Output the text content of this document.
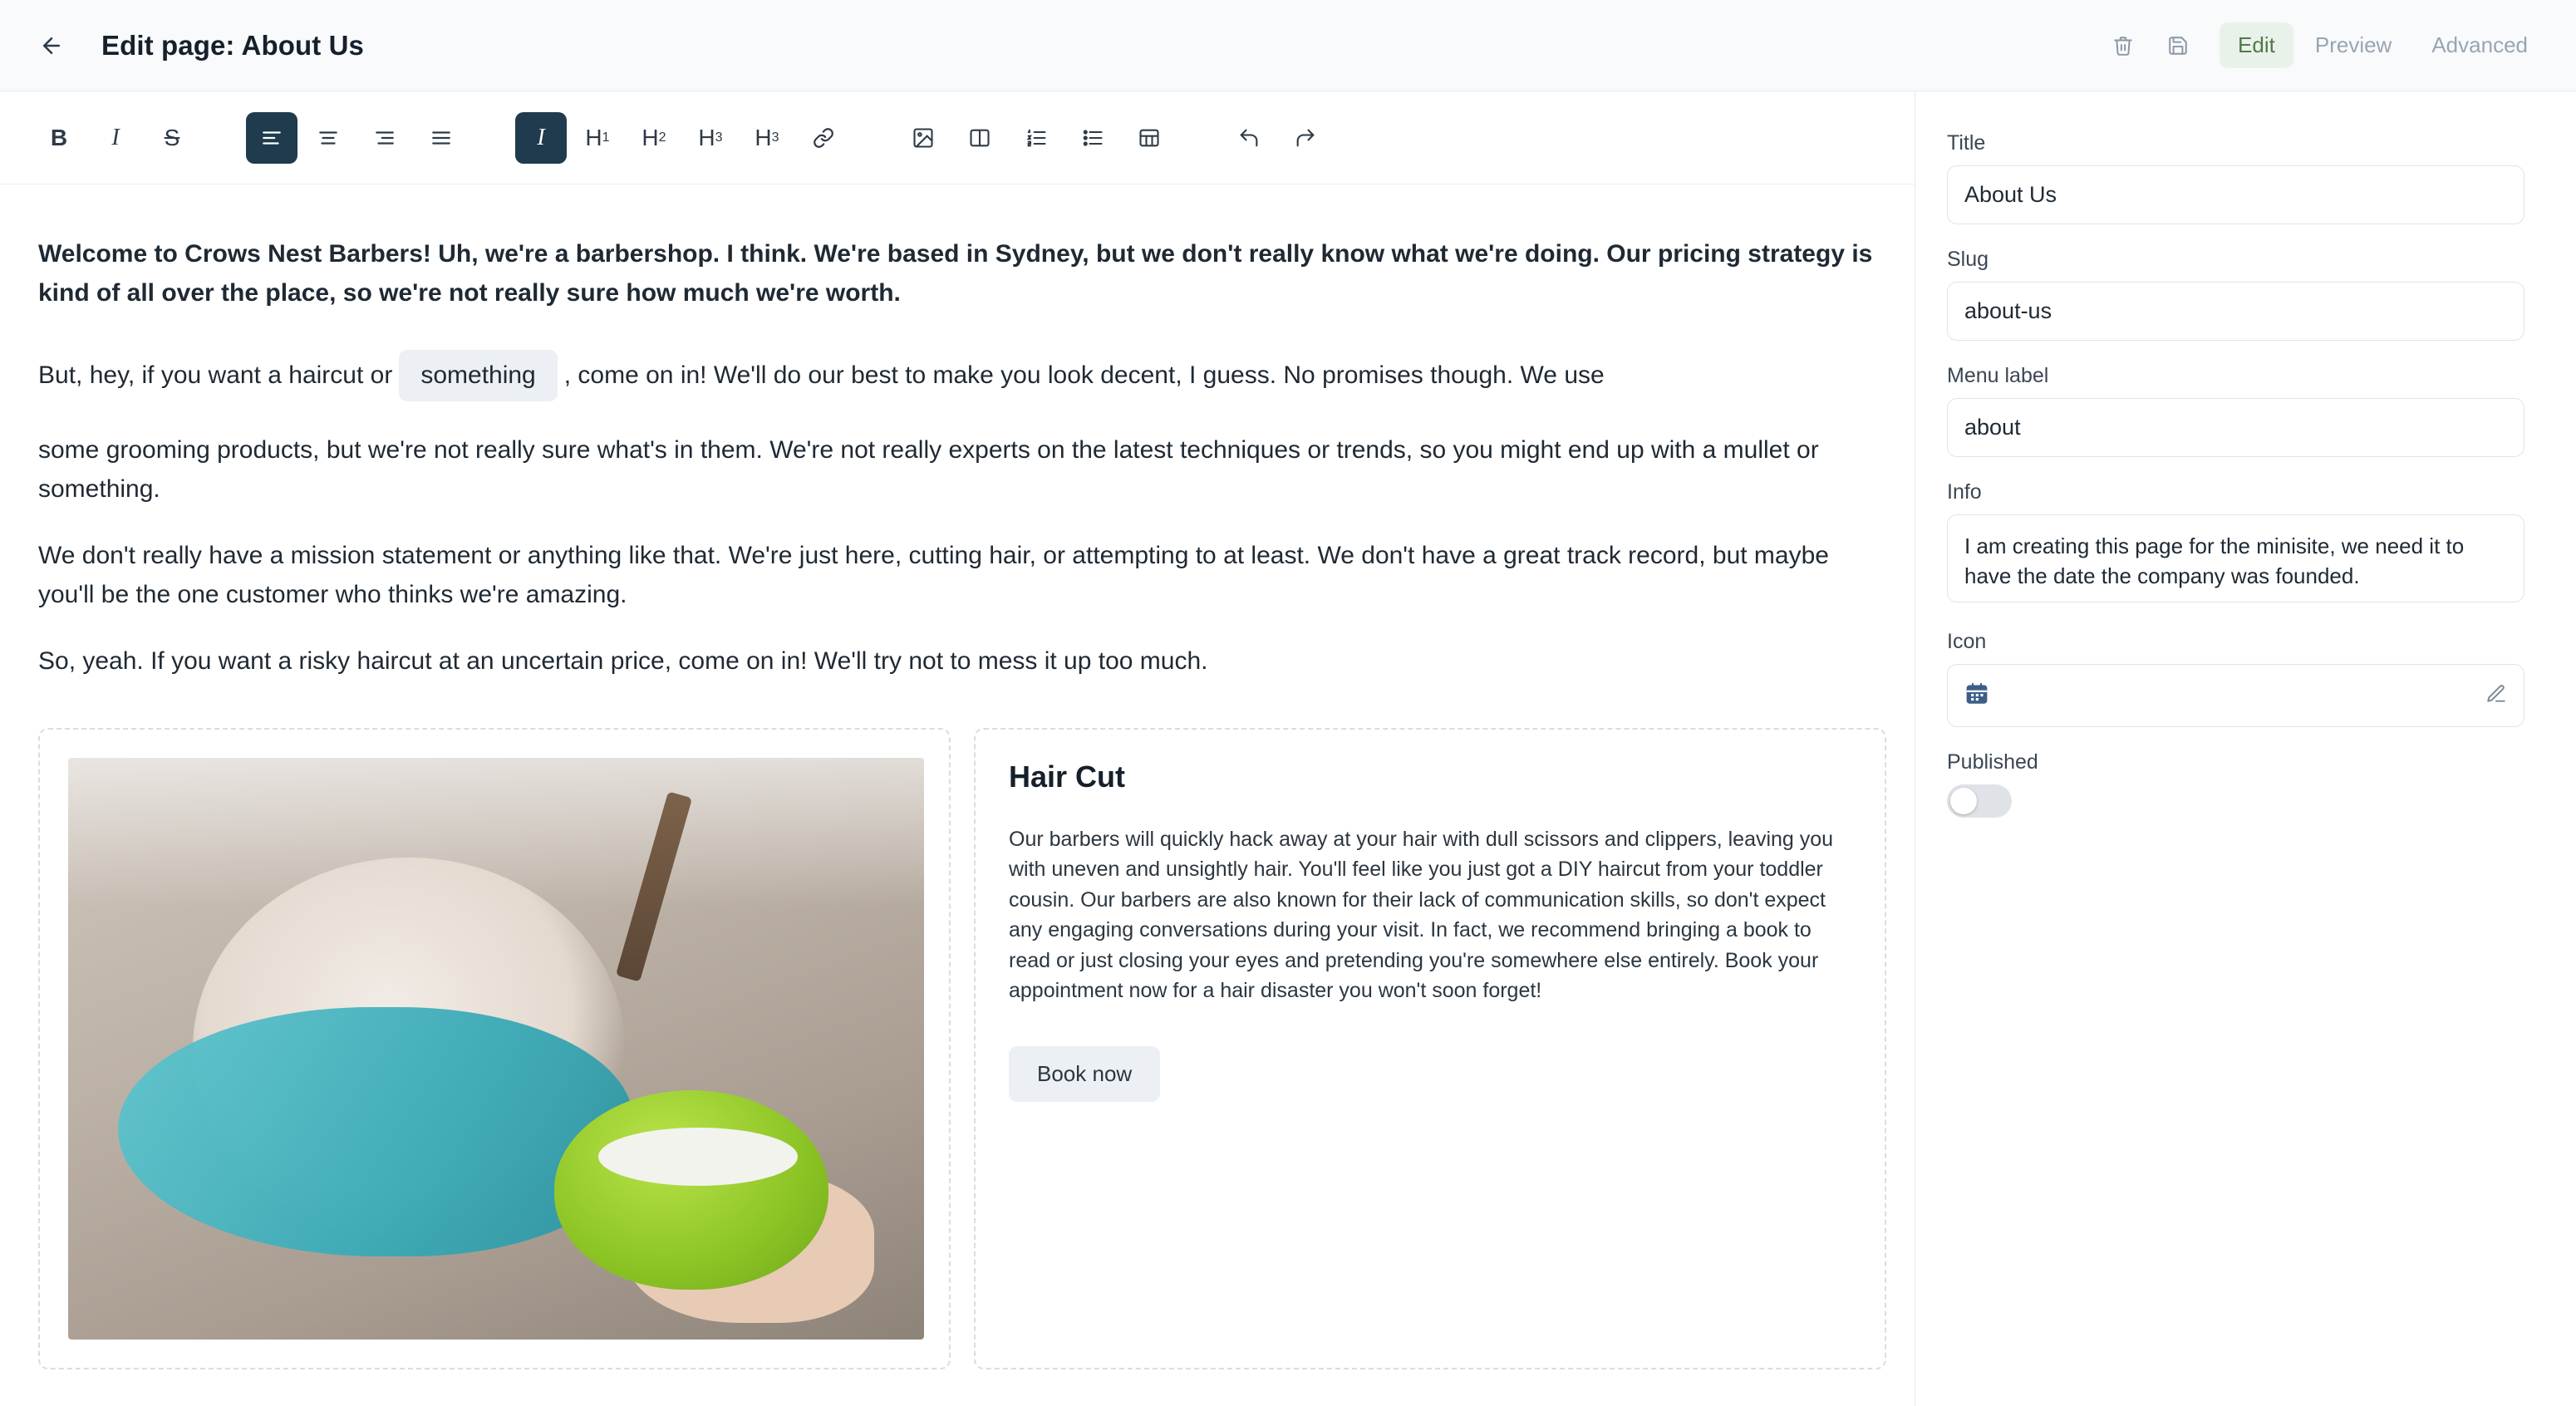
Edit page: About Us	Edit	Preview	Advanced
B	I	S	I	H 1 H 2 H 3 H 3
Welcome to Crows Nest Barbers! Uh, we're a barbershop. I think. We're based in Sydney, but we don't really know what we're doing. Our pricing strategy is kind of all over the place, so we're not really sure how much we're worth.
But, hey, if you want a haircut or something , come on in! We'll do our best to make you look decent, I guess. No promises though. We use
some grooming products, but we're not really sure what's in them. We're not really experts on the latest techniques or trends, so you might end up with a mullet or something.
We don't really have a mission statement or anything like that. We're just here, cutting hair, or attempting to at least. We don't have a great track record, but maybe you'll be the one customer who thinks we're amazing.
So, yeah. If you want a risky haircut at an uncertain price, come on in! We'll try not to mess it up too much.
Hair Cut
Our barbers will quickly hack away at your hair with dull scissors and clippers, leaving you with uneven and unsightly hair. You'll feel like you just got a DIY haircut from your toddler cousin. Our barbers are also known for their lack of communication skills, so don't expect any engaging conversations during your visit. In fact, we recommend bringing a book to read or just closing your eyes and pretending you're somewhere else entirely. Book your appointment now for a hair disaster you won't soon forget!
Book now
Title
About Us
Slug
about-us
Menu label
about
Info
I am creating this page for the minisite, we need it to have the date the company was founded.
Icon
Published
